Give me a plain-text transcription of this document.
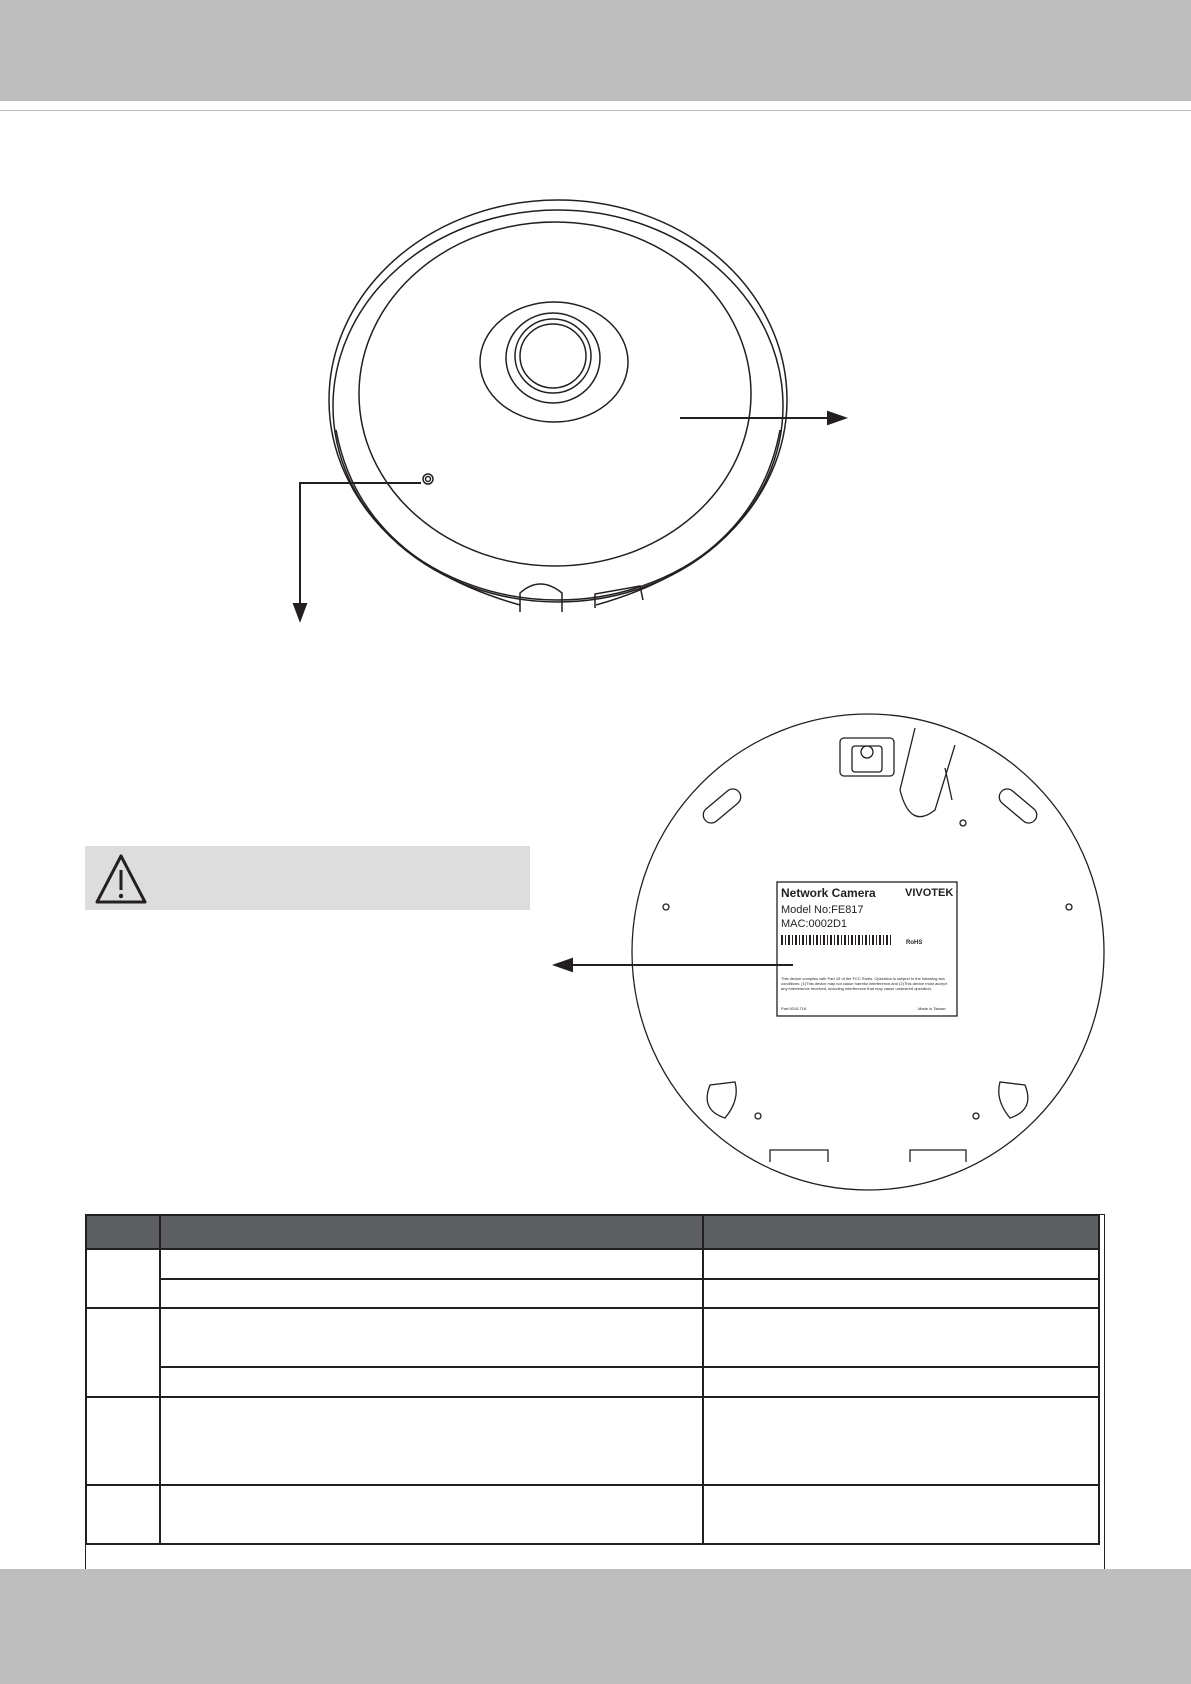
Network Camera	VIVOTEK
Model No:FE817
MAC:0002D1
RoHS
This device complies with Part 15 of the FCC Rules. Operation is subject to the following two conditions: (1)This device may not cause harmful interference,and (2)This device must accept any interference received, including interference that may cause undesired operation.
Part.0015.718	Made in Taiwan
